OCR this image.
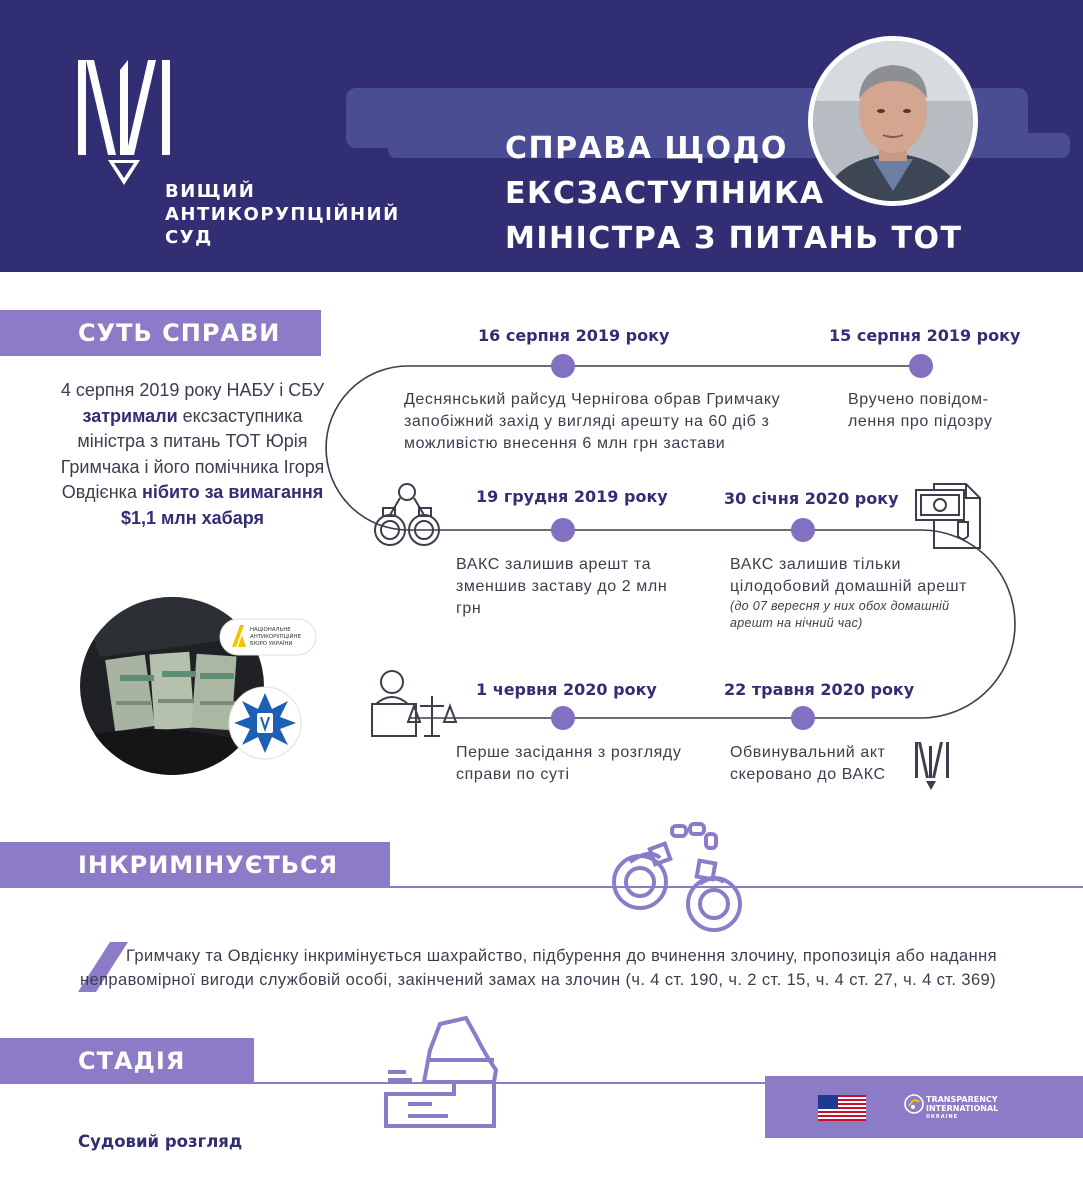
ВИЩИЙ
АНТИКОРУПЦІЙНИЙ
СУД
СПРАВА ЩОДО
ЕКСЗАСТУПНИКА
МІНІСТРА З ПИТАНЬ ТОТ
СУТЬ СПРАВИ
4 серпня 2019 року НАБУ і СБУ затримали ексзаступника міністра з питань ТОТ Юрія Гримчака і його помічника Ігоря Овдієнка нібито за вимагання $1,1 млн хабаря
НАЦІОНАЛЬНЕ
АНТИКОРУПЦІЙНЕ
БЮРО УКРАЇНИ
16 серпня 2019 року
Деснянський райсуд Чернігова обрав Гримчаку запобіжний захід у вигляді арешту на 60 діб з можливістю внесення 6 млн грн застави
15 серпня 2019 року
Вручено повідом-лення про підозру
19 грудня 2019 року
ВАКС залишив арешт та зменшив заставу до 2 млн грн
30 січня 2020 року
ВАКС залишив тільки цілодобовий домашній арешт
(до 07 вересня у них обох домашній арешт на нічний час)
1 червня 2020 року
Перше засідання з розгляду справи по суті
22 травня 2020 року
Обвинувальний акт скеровано до ВАКС
ІНКРИМІНУЄТЬСЯ
Гримчаку та Овдієнку інкримінується шахрайство, підбурення до вчинення злочину, пропозиція або надання неправомірної вигоди службовій особі, закінчений замах на злочин (ч. 4 ст. 190, ч. 2 ст. 15, ч. 4 ст. 27, ч. 4 ст. 369)
СТАДІЯ
Судовий розгляд
TRANSPARENCY
INTERNATIONAL
UKRAINE
